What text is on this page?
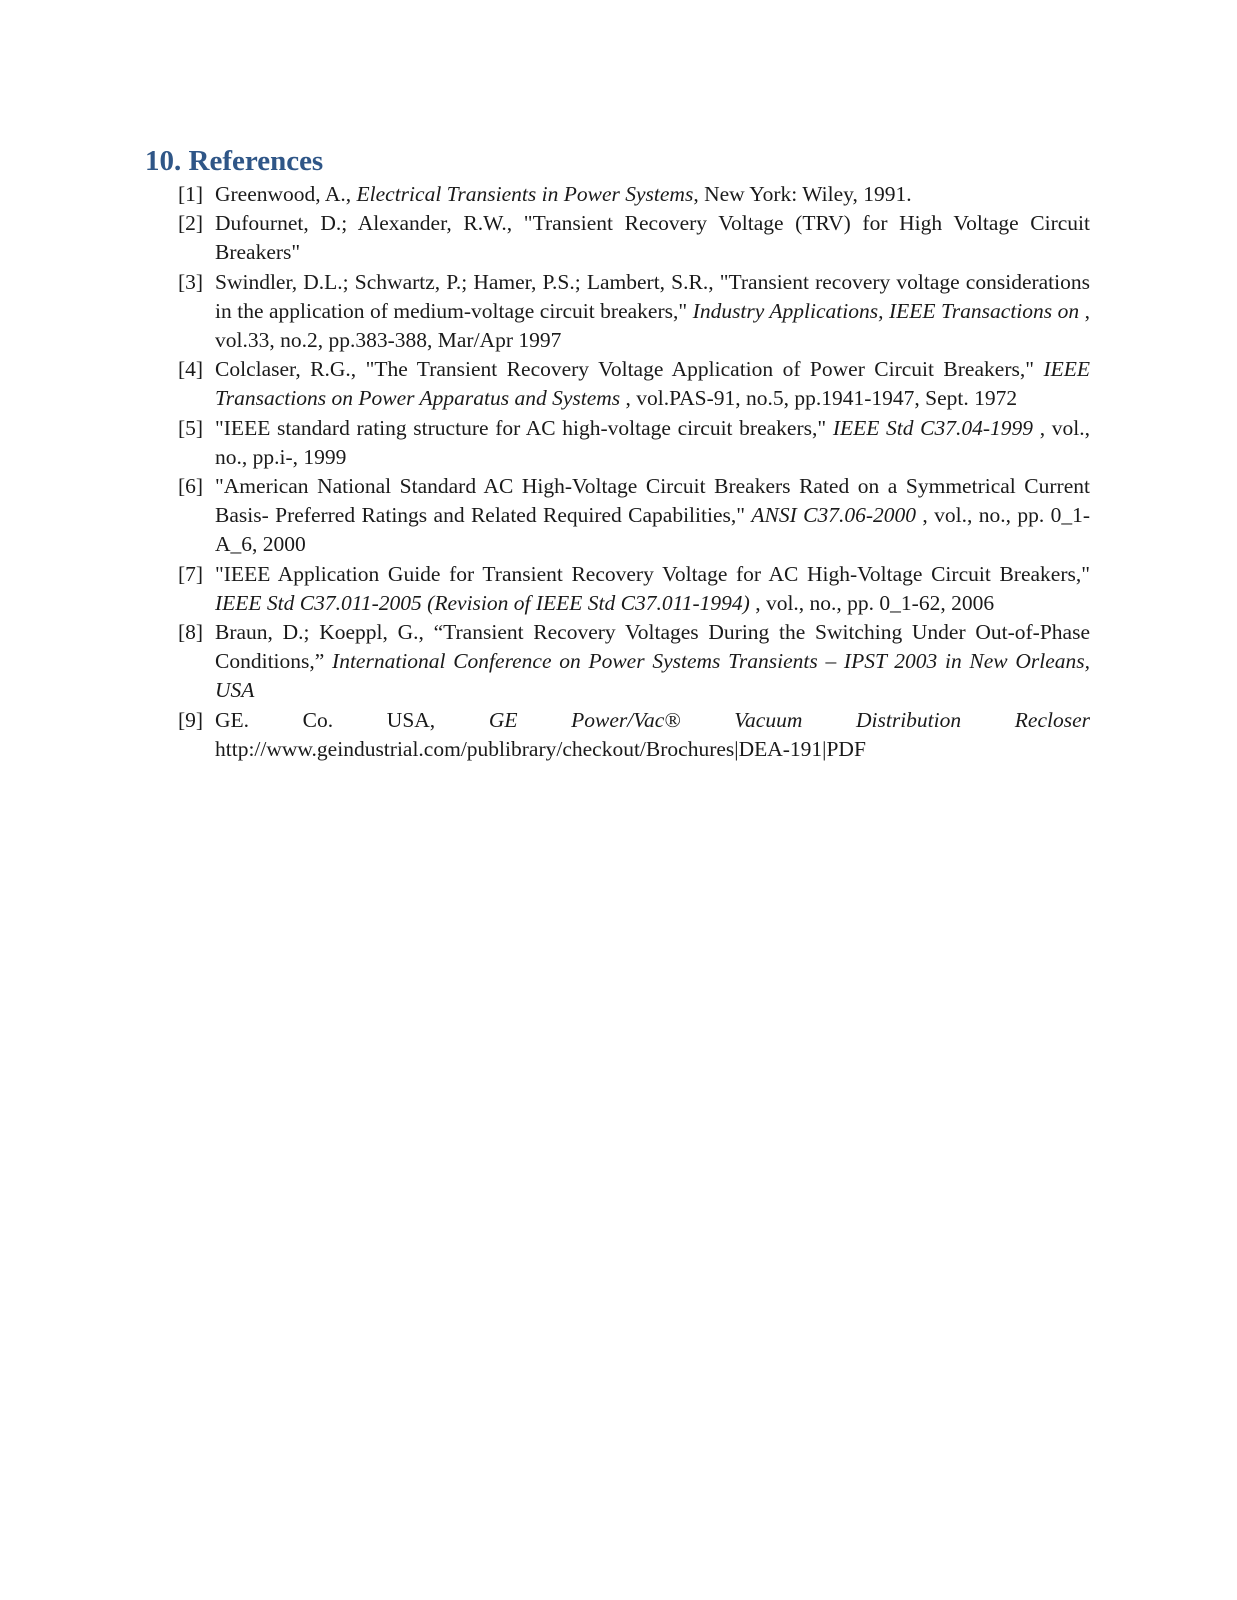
10. References
[1] Greenwood, A., Electrical Transients in Power Systems, New York: Wiley, 1991.
[2] Dufournet, D.; Alexander, R.W., "Transient Recovery Voltage (TRV) for High Voltage Circuit Breakers"
[3] Swindler, D.L.; Schwartz, P.; Hamer, P.S.; Lambert, S.R., "Transient recovery voltage considerations in the application of medium-voltage circuit breakers," Industry Applications, IEEE Transactions on , vol.33, no.2, pp.383-388, Mar/Apr 1997
[4] Colclaser, R.G., "The Transient Recovery Voltage Application of Power Circuit Breakers," IEEE Transactions on Power Apparatus and Systems , vol.PAS-91, no.5, pp.1941-1947, Sept. 1972
[5] "IEEE standard rating structure for AC high-voltage circuit breakers," IEEE Std C37.04-1999 , vol., no., pp.i-, 1999
[6] "American National Standard AC High-Voltage Circuit Breakers Rated on a Symmetrical Current Basis- Preferred Ratings and Related Required Capabilities," ANSI C37.06-2000 , vol., no., pp. 0_1-A_6, 2000
[7] "IEEE Application Guide for Transient Recovery Voltage for AC High-Voltage Circuit Breakers," IEEE Std C37.011-2005 (Revision of IEEE Std C37.011-1994) , vol., no., pp. 0_1-62, 2006
[8] Braun, D.; Koeppl, G., “Transient Recovery Voltages During the Switching Under Out-of-Phase Conditions,” International Conference on Power Systems Transients – IPST 2003 in New Orleans, USA
[9] GE. Co. USA, GE Power/Vac® Vacuum Distribution Recloser http://www.geindustrial.com/publibrary/checkout/Brochures|DEA-191|PDF
